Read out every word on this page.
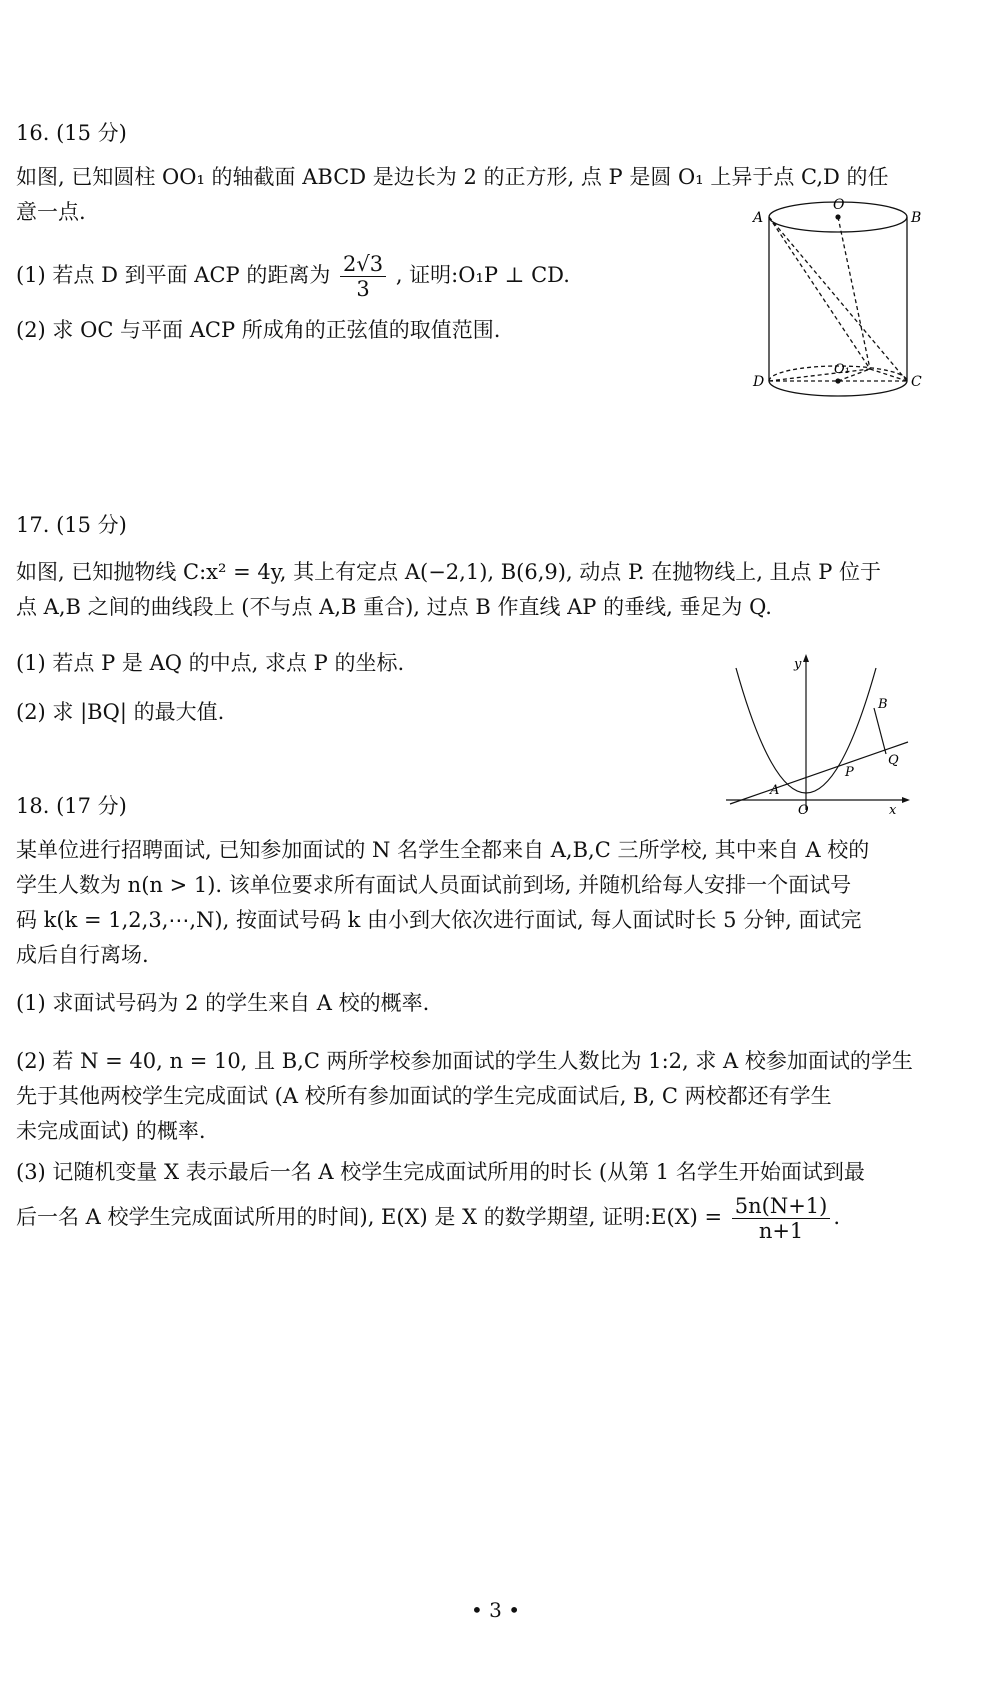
16. (15 分)
如图, 已知圆柱 OO₁ 的轴截面 ABCD 是边长为 2 的正方形, 点 P 是圆 O₁ 上异于点 C,D 的任
意一点.
(1) 若点 D 到平面 ACP 的距离为 $\frac{2√3}{3}$ , 证明:O₁P ⊥ CD.
(2) 求 OC 与平面 ACP 所成角的正弦值的取值范围.
A	B
O
D	C
O₁
17. (15 分)
如图, 已知抛物线 C:x² = 4y, 其上有定点 A(−2,1), B(6,9), 动点 P. 在抛物线上, 且点 P 位于
点 A,B 之间的曲线段上 (不与点 A,B 重合), 过点 B 作直线 AP 的垂线, 垂足为 Q.
(1) 若点 P 是 AQ 的中点, 求点 P 的坐标.
(2) 求 |BQ| 的最大值.
y
x
O
A
B
P
Q
18. (17 分)
某单位进行招聘面试, 已知参加面试的 N 名学生全都来自 A,B,C 三所学校, 其中来自 A 校的
学生人数为 n(n > 1). 该单位要求所有面试人员面试前到场, 并随机给每人安排一个面试号
码 k(k = 1,2,3,⋯,N), 按面试号码 k 由小到大依次进行面试, 每人面试时长 5 分钟, 面试完
成后自行离场.
(1) 求面试号码为 2 的学生来自 A 校的概率.
(2) 若 N = 40, n = 10, 且 B,C 两所学校参加面试的学生人数比为 1:2, 求 A 校参加面试的学生
先于其他两校学生完成面试 (A 校所有参加面试的学生完成面试后, B, C 两校都还有学生
未完成面试) 的概率.
(3) 记随机变量 X 表示最后一名 A 校学生完成面试所用的时长 (从第 1 名学生开始面试到最
后一名 A 校学生完成面试所用的时间), E(X) 是 X 的数学期望, 证明:E(X) = $\frac{5n(N+1)}{n+1}$ .
• 3 •
